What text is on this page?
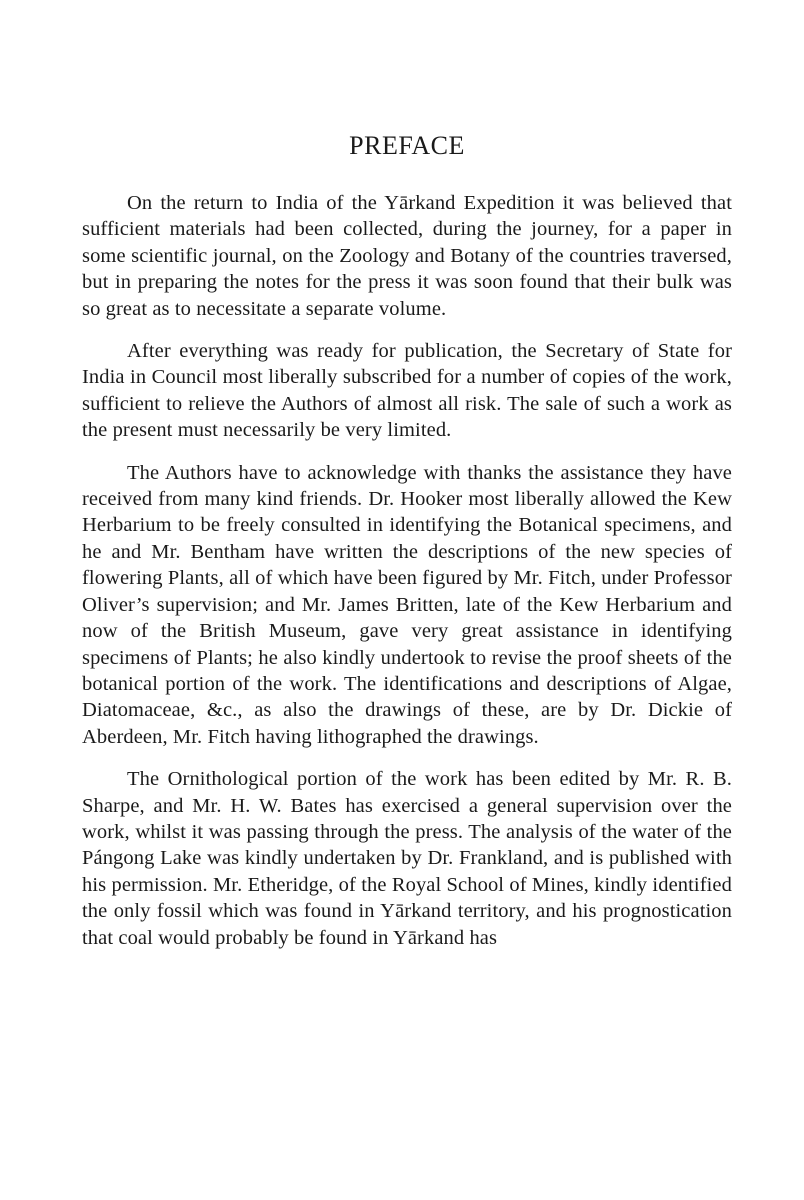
PREFACE

On the return to India of the Yārkand Expedition it was believed that sufficient materials had been collected, during the journey, for a paper in some scientific journal, on the Zoology and Botany of the countries traversed, but in preparing the notes for the press it was soon found that their bulk was so great as to necessitate a separate volume.

After everything was ready for publication, the Secretary of State for India in Council most liberally subscribed for a number of copies of the work, sufficient to relieve the Authors of almost all risk. The sale of such a work as the present must necessarily be very limited.

The Authors have to acknowledge with thanks the assistance they have received from many kind friends. Dr. Hooker most liberally allowed the Kew Herbarium to be freely consulted in identifying the Botanical specimens, and he and Mr. Bentham have written the descriptions of the new species of flowering Plants, all of which have been figured by Mr. Fitch, under Professor Oliver’s supervision; and Mr. James Britten, late of the Kew Herbarium and now of the British Museum, gave very great assistance in identifying specimens of Plants; he also kindly undertook to revise the proof sheets of the botanical portion of the work. The identifications and descriptions of Algae, Diatomaceae, &c., as also the drawings of these, are by Dr. Dickie of Aberdeen, Mr. Fitch having lithographed the drawings.

The Ornithological portion of the work has been edited by Mr. R. B. Sharpe, and Mr. H. W. Bates has exercised a general supervision over the work, whilst it was passing through the press. The analysis of the water of the Pángong Lake was kindly undertaken by Dr. Frankland, and is published with his permission. Mr. Etheridge, of the Royal School of Mines, kindly identified the only fossil which was found in Yārkand territory, and his prognostication that coal would probably be found in Yārkand has
